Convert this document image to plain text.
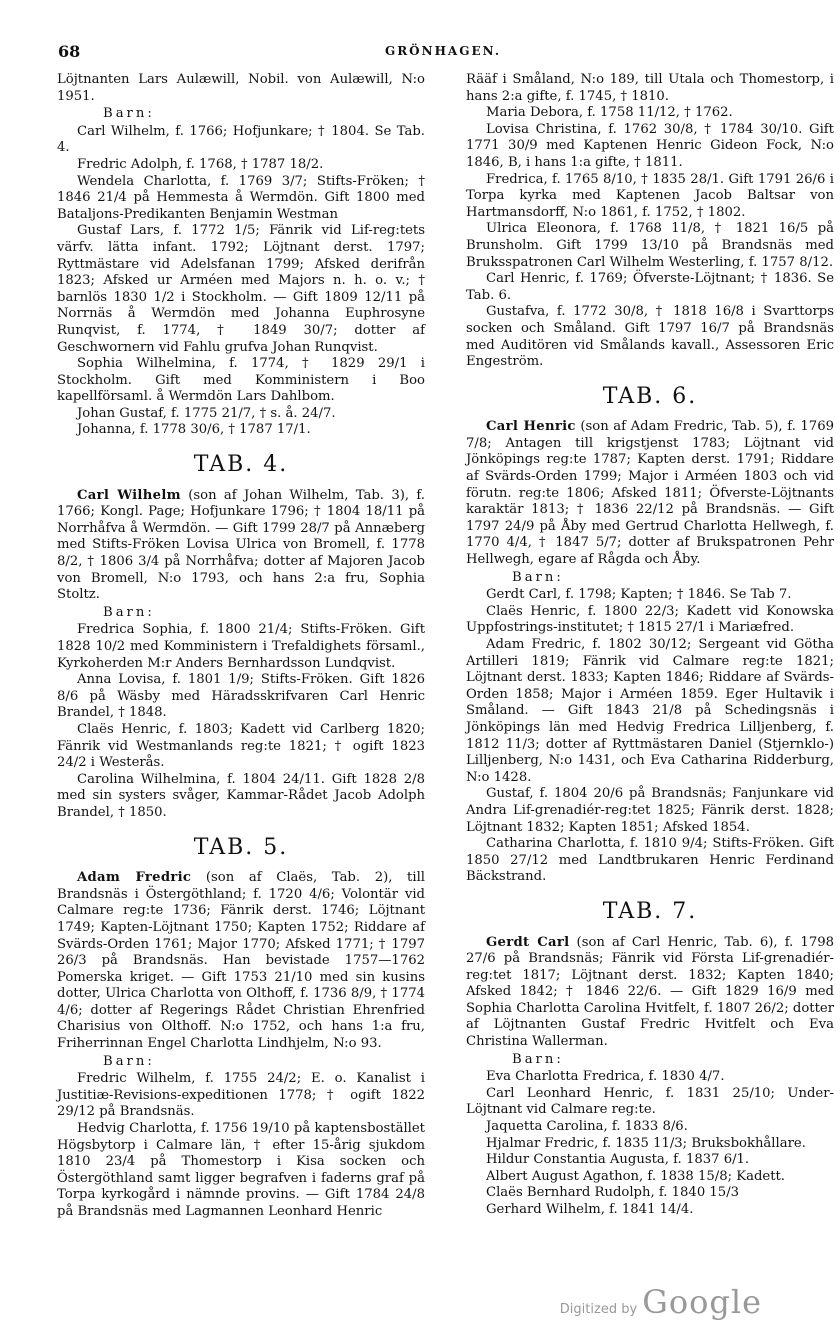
68	GRÖNHAGEN.

Löjtnanten Lars Aulæwill, Nobil. von Aulæwill, N:o 1951.

Barn:

Carl Wilhelm, f. 1766; Hofjunkare; † 1804. Se Tab. 4.

Fredric Adolph, f. 1768, † 1787 18/2.

Wendela Charlotta, f. 1769 3/7; Stifts-Fröken; † 1846 21/4 på Hemmesta å Wermdön. Gift 1800 med Bataljons-Predikanten Benjamin Westman

Gustaf Lars, f. 1772 1/5; Fänrik vid Lif-reg:tets värfv. lätta infant. 1792; Löjtnant derst. 1797; Ryttmästare vid Adelsfanan 1799; Afsked derifrån 1823; Afsked ur Arméen med Majors n. h. o. v.; † barnlös 1830 1/2 i Stockholm. — Gift 1809 12/11 på Norrnäs å Wermdön med Johanna Euphrosyne Runqvist, f. 1774, † 1849 30/7; dotter af Geschwornern vid Fahlu grufva Johan Runqvist.

Sophia Wilhelmina, f. 1774, † 1829 29/1 i Stockholm. Gift med Komministern i Boo kapellförsaml. å Wermdön Lars Dahlbom.

Johan Gustaf, f. 1775 21/7, † s. å. 24/7.

Johanna, f. 1778 30/6, † 1787 17/1.

TAB. 4.

Carl Wilhelm (son af Johan Wilhelm, Tab. 3), f. 1766; Kongl. Page; Hofjunkare 1796; † 1804 18/11 på Norrhåfva å Wermdön. — Gift 1799 28/7 på Annæberg med Stifts-Fröken Lovisa Ulrica von Bromell, f. 1778 8/2, † 1806 3/4 på Norrhåfva; dotter af Majoren Jacob von Bromell, N:o 1793, och hans 2:a fru, Sophia Stoltz.

Barn:

Fredrica Sophia, f. 1800 21/4; Stifts-Fröken. Gift 1828 10/2 med Komministern i Trefaldighets församl., Kyrkoherden M:r Anders Bernhardsson Lundqvist.

Anna Lovisa, f. 1801 1/9; Stifts-Fröken. Gift 1826 8/6 på Wäsby med Häradsskrifvaren Carl Henric Brandel, † 1848.

Claës Henric, f. 1803; Kadett vid Carlberg 1820; Fänrik vid Westmanlands reg:te 1821; † ogift 1823 24/2 i Westerås.

Carolina Wilhelmina, f. 1804 24/11. Gift 1828 2/8 med sin systers svåger, Kammar-Rådet Jacob Adolph Brandel, † 1850.

TAB. 5.

Adam Fredric (son af Claës, Tab. 2), till Brandsnäs i Östergöthland; f. 1720 4/6; Volontär vid Calmare reg:te 1736; Fänrik derst. 1746; Löjtnant 1749; Kapten-Löjtnant 1750; Kapten 1752; Riddare af Svärds-Orden 1761; Major 1770; Afsked 1771; † 1797 26/3 på Brandsnäs. Han bevistade 1757—1762 Pomerska kriget. — Gift 1753 21/10 med sin kusins dotter, Ulrica Charlotta von Olthoff, f. 1736 8/9, † 1774 4/6; dotter af Regerings Rådet Christian Ehrenfried Charisius von Olthoff. N:o 1752, och hans 1:a fru, Friherrinnan Engel Charlotta Lindhjelm, N:o 93.

Barn:

Fredric Wilhelm, f. 1755 24/2; E. o. Kanalist i Justitiæ-Revisions-expeditionen 1778; † ogift 1822 29/12 på Brandsnäs.

Hedvig Charlotta, f. 1756 19/10 på kaptensbostället Högsbytorp i Calmare län, † efter 15-årig sjukdom 1810 23/4 på Thomestorp i Kisa socken och Östergöthland samt ligger begrafven i faderns graf på Torpa kyrkogård i nämnde provins. — Gift 1784 24/8 på Brandsnäs med Lagmannen Leonhard Henric

Rääf i Småland, N:o 189, till Utala och Thomestorp, i hans 2:a gifte, f. 1745, † 1810.

Maria Debora, f. 1758 11/12, † 1762.

Lovisa Christina, f. 1762 30/8, † 1784 30/10. Gift 1771 30/9 med Kaptenen Henric Gideon Fock, N:o 1846, B, i hans 1:a gifte, † 1811.

Fredrica, f. 1765 8/10, † 1835 28/1. Gift 1791 26/6 i Torpa kyrka med Kaptenen Jacob Baltsar von Hartmansdorff, N:o 1861, f. 1752, † 1802.

Ulrica Eleonora, f. 1768 11/8, † 1821 16/5 på Brunsholm. Gift 1799 13/10 på Brandsnäs med Bruksspatronen Carl Wilhelm Westerling, f. 1757 8/12.

Carl Henric, f. 1769; Öfverste-Löjtnant; † 1836. Se Tab. 6.

Gustafva, f. 1772 30/8, † 1818 16/8 i Svarttorps socken och Småland. Gift 1797 16/7 på Brandsnäs med Auditören vid Smålands kavall., Assessoren Eric Engeström.

TAB. 6.

Carl Henric (son af Adam Fredric, Tab. 5), f. 1769 7/8; Antagen till krigstjenst 1783; Löjtnant vid Jönköpings reg:te 1787; Kapten derst. 1791; Riddare af Svärds-Orden 1799; Major i Arméen 1803 och vid förutn. reg:te 1806; Afsked 1811; Öfverste-Löjtnants karaktär 1813; † 1836 22/12 på Brandsnäs. — Gift 1797 24/9 på Åby med Gertrud Charlotta Hellwegh, f. 1770 4/4, † 1847 5/7; dotter af Brukspatronen Pehr Hellwegh, egare af Rågda och Åby.

Barn:

Gerdt Carl, f. 1798; Kapten; † 1846. Se Tab 7.

Claës Henric, f. 1800 22/3; Kadett vid Konowska Uppfostrings-institutet; † 1815 27/1 i Mariæfred.

Adam Fredric, f. 1802 30/12; Sergeant vid Götha Artilleri 1819; Fänrik vid Calmare reg:te 1821; Löjtnant derst. 1833; Kapten 1846; Riddare af Svärds-Orden 1858; Major i Arméen 1859. Eger Hultavik i Småland. — Gift 1843 21/8 på Schedingsnäs i Jönköpings län med Hedvig Fredrica Lilljenberg, f. 1812 11/3; dotter af Ryttmästaren Daniel (Stjernklo-) Lilljenberg, N:o 1431, och Eva Catharina Ridderburg, N:o 1428.

Gustaf, f. 1804 20/6 på Brandsnäs; Fanjunkare vid Andra Lif-grenadiér-reg:tet 1825; Fänrik derst. 1828; Löjtnant 1832; Kapten 1851; Afsked 1854.

Catharina Charlotta, f. 1810 9/4; Stifts-Fröken. Gift 1850 27/12 med Landtbrukaren Henric Ferdinand Bäckstrand.

TAB. 7.

Gerdt Carl (son af Carl Henric, Tab. 6), f. 1798 27/6 på Brandsnäs; Fänrik vid Första Lif-grenadiér-reg:tet 1817; Löjtnant derst. 1832; Kapten 1840; Afsked 1842; † 1846 22/6. — Gift 1829 16/9 med Sophia Charlotta Carolina Hvitfelt, f. 1807 26/2; dotter af Löjtnanten Gustaf Fredric Hvitfelt och Eva Christina Wallerman.

Barn:

Eva Charlotta Fredrica, f. 1830 4/7.

Carl Leonhard Henric, f. 1831 25/10; Under-Löjtnant vid Calmare reg:te.

Jaquetta Carolina, f. 1833 8/6.

Hjalmar Fredric, f. 1835 11/3; Bruksbokhållare.

Hildur Constantia Augusta, f. 1837 6/1.

Albert August Agathon, f. 1838 15/8; Kadett.

Claës Bernhard Rudolph, f. 1840 15/3

Gerhard Wilhelm, f. 1841 14/4.

Digitized by Google
